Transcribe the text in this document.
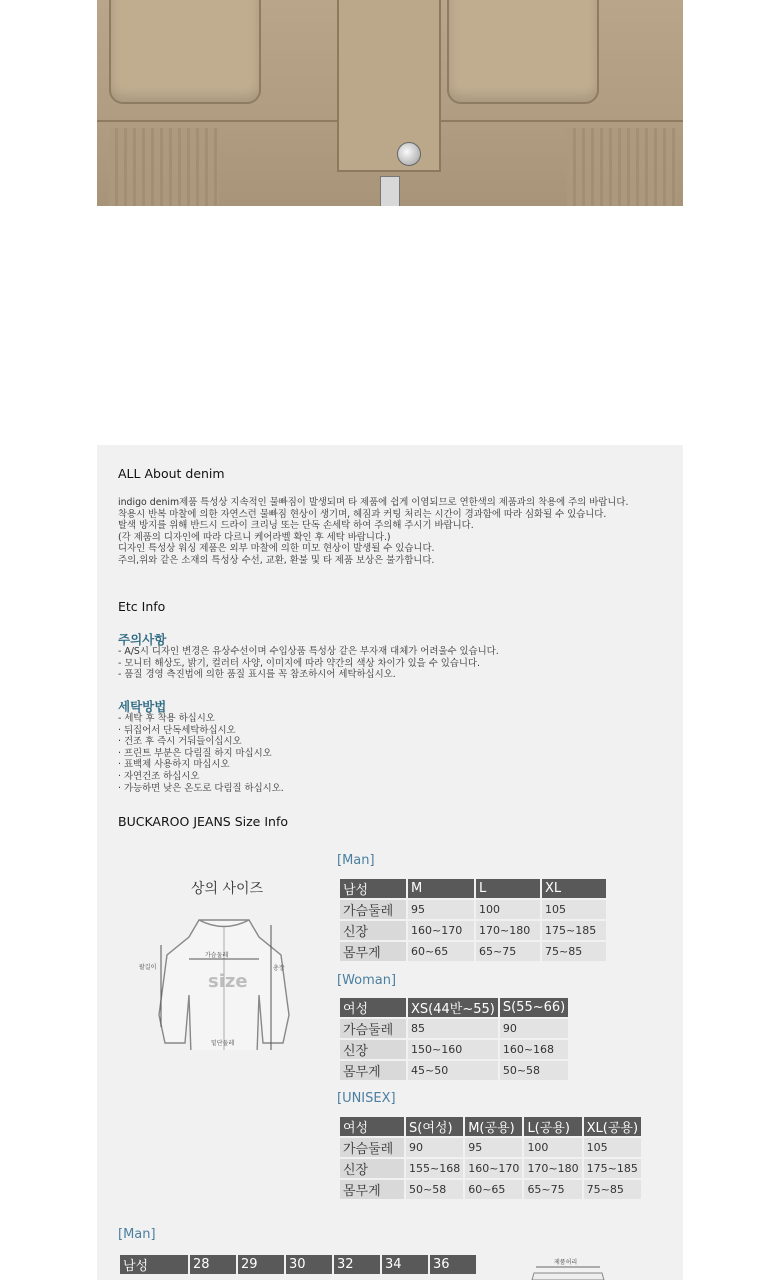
ALL About denim
indigo denim제품 특성상 지속적인 물빠짐이 발생되며 타 제품에 쉽게 이염되므로 연한색의 제품과의 착용에 주의 바랍니다.
착용시 반복 마찰에 의한 자연스런 물빠짐 현상이 생기며, 헤짐과 커팅 처리는 시간이 경과함에 따라 심화될 수 있습니다.
탈색 방지를 위해 반드시 드라이 크리닝 또는 단독 손세탁 하여 주의해 주시기 바랍니다.
(각 제품의 디자인에 따라 다르니 케어라벨 확인 후 세탁 바랍니다.)
디자인 특성상 워싱 제품은 외부 마찰에 의한 미모 현상이 발생될 수 있습니다.
주의,위와 같은 소재의 특성상 수선, 교환, 환불 및 타 제품 보상은 불가합니다.
Etc Info
주의사항
- A/S시 디자인 변경은 유상수선이며 수입상품 특성상 같은 부자재 대체가 어려울수 있습니다.
- 모니터 해상도, 밝기, 컬러터 사양, 이미지에 따라 약간의 색상 차이가 있을 수 있습니다.
- 품질 경영 측진법에 의한 품질 표시를 꼭 참조하시어 세탁하십시오.
세탁방법
- 세탁 후 착용 하십시오
· 뒤집어서 단독세탁하십시오
· 건조 후 즉시 거둬들이십시오
· 프린트 부분은 다림질 하지 마십시오
· 표백제 사용하지 마십시오
· 자연건조 하십시오
· 가능하면 낮은 온도로 다림질 하십시오.
BUCKAROO JEANS Size Info
상의 사이즈
가슴둘레
팔길이	총장
밑단둘레
size
[Man]
남성	M	L	XL
가슴둘레	95	100	105
신장	160~170	170~180	175~185
몸무게	60~65	65~75	75~85
[Woman]
여성	XS(44반~55)	S(55~66)
가슴둘레	85	90
신장	150~160	160~168
몸무게	45~50	50~58
[UNISEX]
여성	S(여성)	M(공용)	L(공용)	XL(공용)
가슴둘레	90	95	100	105
신장	155~168	160~170	170~180	175~185
몸무게	50~58	60~65	65~75	75~85
[Man]
남성	28	29	30	32	34	36	제품허리
